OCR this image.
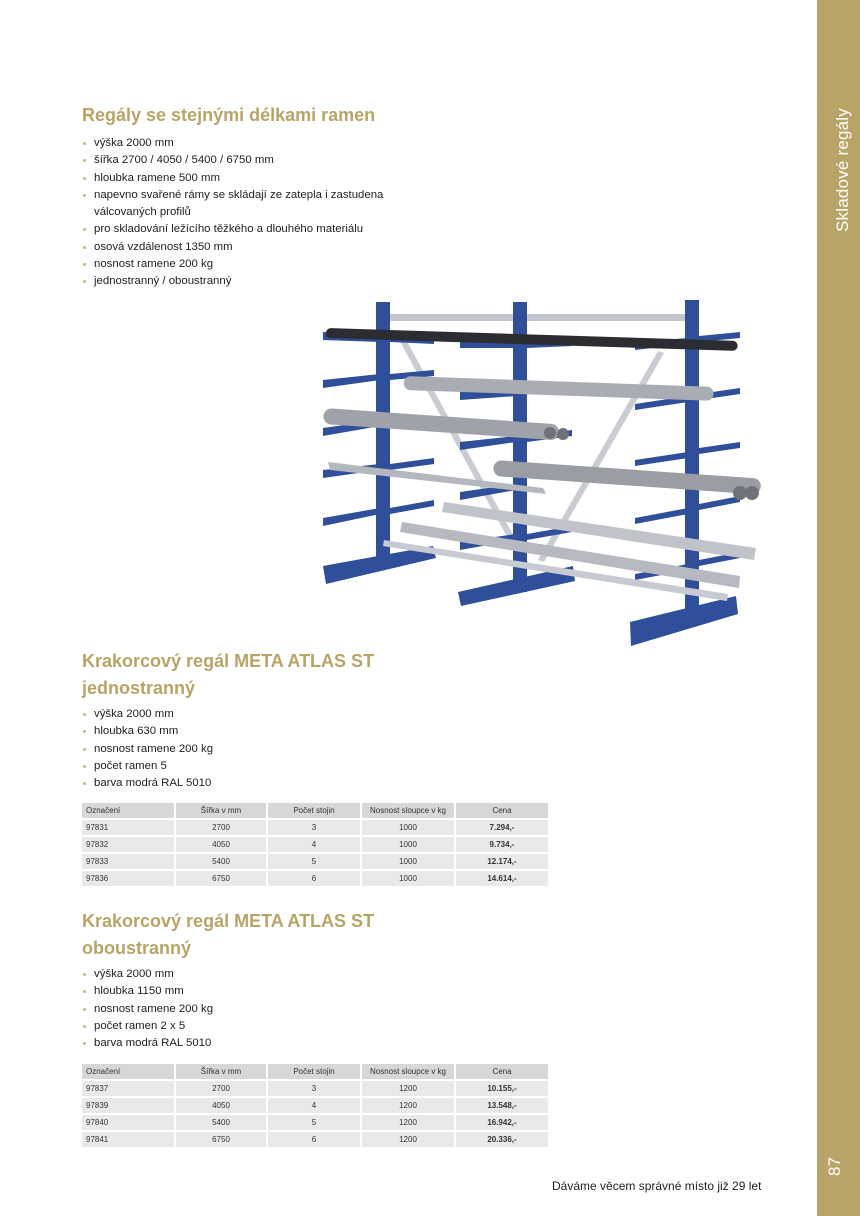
Skladové regály
87
Regály se stejnými délkami ramen
výška 2000 mm
šířka 2700 / 4050 / 5400 / 6750 mm
hloubka ramene 500 mm
napevno svařené rámy se skládají ze zatepla i zastudena válcovaných profilů
pro skladování ležícího těžkého a dlouhého materiálu
osová vzdálenost 1350 mm
nosnost ramene 200 kg
jednostranný / oboustranný
Krakorcový regál META ATLAS ST
jednostranný
výška 2000 mm
hloubka 630 mm
nosnost ramene 200 kg
počet ramen 5
barva modrá RAL 5010
Označení	Šířka v mm	Počet stojin	Nosnost sloupce v kg	Cena
97831	2700	3	1000	7.294,-
97832	4050	4	1000	9.734,-
97833	5400	5	1000	12.174,-
97836	6750	6	1000	14.614,-
Krakorcový regál META ATLAS ST
oboustranný
výška 2000 mm
hloubka 1150 mm
nosnost ramene 200 kg
počet ramen 2 x 5
barva modrá RAL 5010
Označení	Šířka v mm	Počet stojin	Nosnost sloupce v kg	Cena
97837	2700	3	1200	10.155,-
97839	4050	4	1200	13.548,-
97840	5400	5	1200	16.942,-
97841	6750	6	1200	20.336,-
Dáváme věcem správné místo již 29 let
